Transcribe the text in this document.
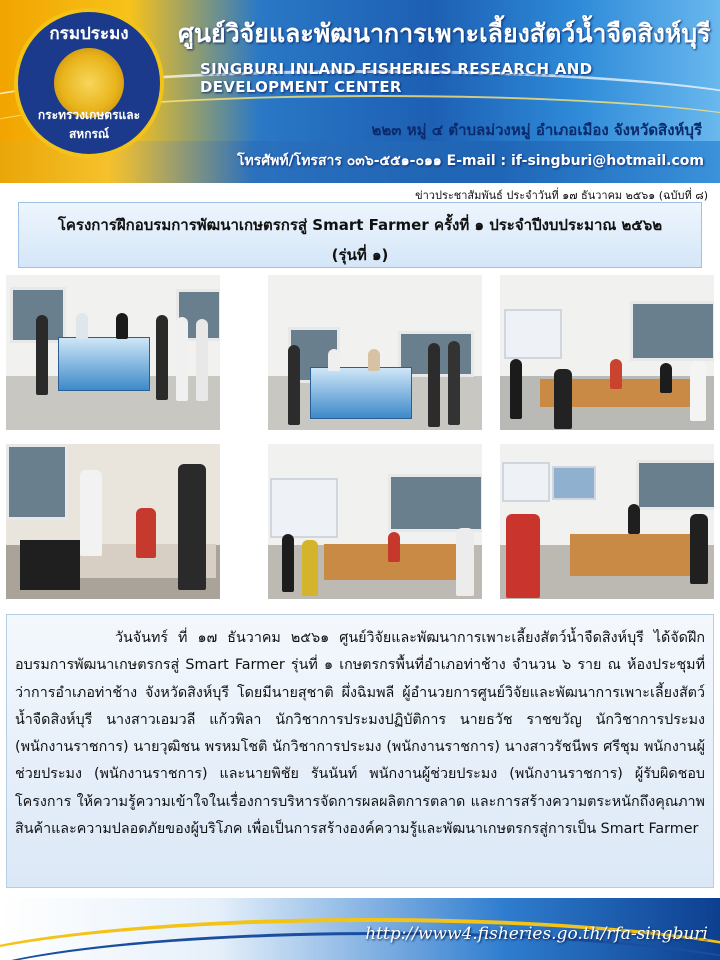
กรมประมง
กระทรวงเกษตรและสหกรณ์
ศูนย์วิจัยและพัฒนาการเพาะเลี้ยงสัตว์น้ำจืดสิงห์บุรี
SINGBURI INLAND FISHERIES RESEARCH AND DEVELOPMENT CENTER
๒๒๓ หมู่ ๔ ตำบลม่วงหมู่ อำเภอเมือง จังหวัดสิงห์บุรี
โทรศัพท์/โทรสาร ๐๓๖-๕๕๑-๐๑๑ E-mail : if-singburi@hotmail.com
ข่าวประชาสัมพันธ์ ประจำวันที่ ๑๗ ธันวาคม ๒๕๖๑ (ฉบับที่ ๘)
โครงการฝึกอบรมการพัฒนาเกษตรกรสู่ Smart Farmer ครั้งที่ ๑ ประจำปีงบประมาณ ๒๕๖๒
(รุ่นที่ ๑)
วันจันทร์ ที่ ๑๗ ธันวาคม ๒๕๖๑ ศูนย์วิจัยและพัฒนาการเพาะเลี้ยงสัตว์น้ำจืดสิงห์บุรี ได้จัดฝึกอบรมการพัฒนาเกษตรกรสู่ Smart Farmer รุ่นที่ ๑ เกษตรกรพื้นที่อำเภอท่าช้าง จำนวน ๖ ราย ณ ห้องประชุมที่ว่าการอำเภอท่าช้าง จังหวัดสิงห์บุรี โดยมีนายสุชาติ ผึ่งฉิมพลี ผู้อำนวยการศูนย์วิจัยและพัฒนาการเพาะเลี้ยงสัตว์น้ำจืดสิงห์บุรี นางสาวเอมวลี แก้วพิลา นักวิชาการประมงปฏิบัติการ นายธวัช ราชขวัญ นักวิชาการประมง (พนักงานราชการ) นายวุฒิชน พรหมโชติ นักวิชาการประมง (พนักงานราชการ) นางสาวรัชนีพร ศรีชุม พนักงานผู้ช่วยประมง (พนักงานราชการ) และนายพิชัย รันนันท์ พนักงานผู้ช่วยประมง (พนักงานราชการ) ผู้รับผิดชอบโครงการ ให้ความรู้ความเข้าใจในเรื่องการบริหารจัดการผลผลิตการตลาด และการสร้างความตระหนักถึงคุณภาพสินค้าและความปลอดภัยของผู้บริโภค เพื่อเป็นการสร้างองค์ความรู้และพัฒนาเกษตรกรสู่การเป็น Smart Farmer
http://www4.fisheries.go.th/rfa-singburi
